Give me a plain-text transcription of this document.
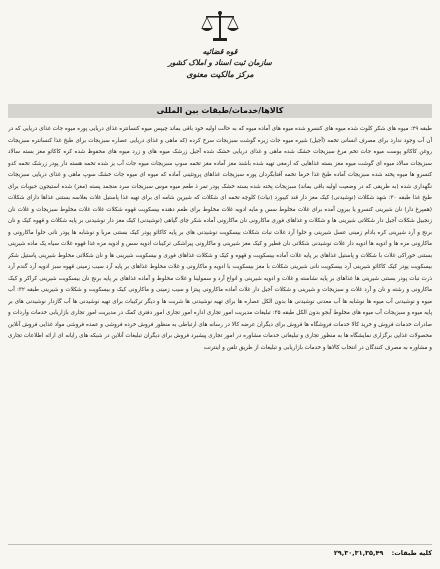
قوه قضائیه
سازمان ثبت اسناد و املاک کشور
مرکز مالکیت معنوی
کالاها/خدمات/طبقات بین المللی
طبقه ۲۹: میوه های شکر کلوت شده میوه های کنسرو شده میوه های آماده میوه که به حالت اولیه خود باقی بماند چیپس میوه کنسانتره غذای دریایی پوره میوه جات غذای دریایی که در آن آب وجود ندارد برای مصرف انسانی تخمه (آجیل) شیره میوه جات زیره گوشت سبزیجات سرخ کرده (که ماهی و غذای دریایی عصاره سبزیجات برای طبخ غذا کنسانتره سبزیجات روغن کاکائو پوست میوه جات تخم مرغ سبزیجات خشک شده ماهی و غذای دریایی خشک شده آجیل زرشک میوه های و زرد میوه های محفوظ شده کره کاکائو مغز بسته سالاد سبزیجات سالاد میوه ای گوشت میوه مغز بسته غذاهایی که ارمغی تهیه شده باشند مغز آماده مغز تخمه سوپ سبزیجات میوه جات آب یز شده تخمه هسته دار پودر زرشک تخمه کدو کنسرو ها میوه پخته شده سبزیجات آماده طبخ غذا خرما تخمه آفتابگردان پوره سبزیجات غذاهای پروتئینی آماده که میوه ای میوه جات خشک سوپ ماهی و غذای دریایی سبزیجات نگهداری شده (به طریقی که در وضعیت اولیه باقی بماند) سبزیجات پخته شده بسته خشک پودر تمر ذ طعم میوه موس سبزیجات سرد منجمد پسته (مغز) شده استیجون حبوبات برای طبخ غذا طبقه ۳۰: شهد شکلات (نوشیدنی) کیک مغز دار قند کیبورد (نیات) کلوچه تخمه ای شکلات که شیرین شامه ای برای تهیه غذا پاستیل غلات بغلاسه بستنی غذاها دارای شکلات (همپرغ دار) نان شیرینی کنسرو یا بیرون آمده برای غلات مخلوط سس و مایه ادویه غلات مخلوط برای طعم دهنده بیسکویت قهوه شکلات غلات غلات مخلوط سبزیجات و غلات نان زنجبیل شکلات آجیل دار شکلاتی شیرینی ها و شکلات و غذاهای فوری ماکارونی نان ماکارونی آماده شکر چای گیاهی (نوشیدنی) کیک مغز دار نوشیدنی بر پایه شکلات و قهوه کیک و نان برنج و آرد شیرینی کره بادام زمینی عسل شیرینی و حلوا آرد غلات نبات شکلات بیسکویت نوشیدنی های بر پایه کاکائو پودر کیک بستنی مربا و نوشابه ها پودر نانی حلوا ماکارونی و ماکارونی مزه ها و ادویه ها ادویه دار غلات نوشیدنی شکلاتی نان فطیر و کیک مغز شیرینی و ماکارونی پیراشکی ترکیبات ادویه سس و ادویه مزه غذا قهوه غلات سیاه یک ماده شیرینی بستنی خوراکی غلات با شکلات و پاستیل غذاهای بر پایه غلات آماده بیسکویت و قهوه و کیک و شکلات غذاهای فوری و بیسکویت شیرینی ها و نان شکلاتی مخلوط شیرینی پاستیل شکر بیسکویت پودر کیک کاکائو شیرینی آرد بیسکویت نانی شیرینی شکلات با مغز بیسکویت با ادویه و ماکارونی و غلات مخلوط غذاهای بر پایه آرد سیب زمینی قهوه سبز ادویه آرد گندم آرد ذرت نبات پودر بستنی شیرینی ها غذاهای بر پایه نشاسته و غلات و ادویه شیرینی و انواع آرد و سمولینا و غلات مخلوط و آماده غذاهای بر پایه برنج نان بیسکویت شیرینی کراکر و کیک ماکارونی و رشته و نان و آرد غلات و سبزیجات و شیرینی و شکلات آجیل دار غلات آماده ماکارونی پیتزا و سیب زمینی و ماکارونی کیک و بیسکویت و شکلات و شیرینی طبقه ۳۲: آب میوه و نوشیدنی آب میوه ها نوشابه ها آب معدنی نوشیدنی ها بدون الکل عصاره ها برای تهیه نوشیدنی ها شربت ها و دیگر ترکیبات برای تهیه نوشیدنی ها آب گازدار نوشیدنی های بر پایه میوه و سبزیجات آب میوه های مخلوط آبجو بدون الکل طبقه ۳۵: تبلیغات مدیریت امور تجاری اداره امور تجاری امور دفتری کمک در مدیریت امور تجاری بازاریابی خدمات واردات و صادرات خدمات فروش و خرید کالا خدمات فروشگاه ها فروش برای دیگران عرضه کالا در رسانه های ارتباطی به منظور فروش خرده فروشی و عمده فروشی مواد غذایی فروش آنلاین محصولات غذایی برگزاری نمایشگاه ها به منظور تجاری و تبلیغاتی خدمات مشاوره در امور تجاری پیشبرد فروش برای دیگران تبلیغات آنلاین در شبکه های رایانه ای ارائه اطلاعات تجاری و مشاوره به مصرف کنندگان در انتخاب کالاها و خدمات بازاریابی و تبلیغات از طریق تلفن و اینترنت
کلیه طبقات: ۲۹,۳۰,۳۱,۳۵,۴۹
